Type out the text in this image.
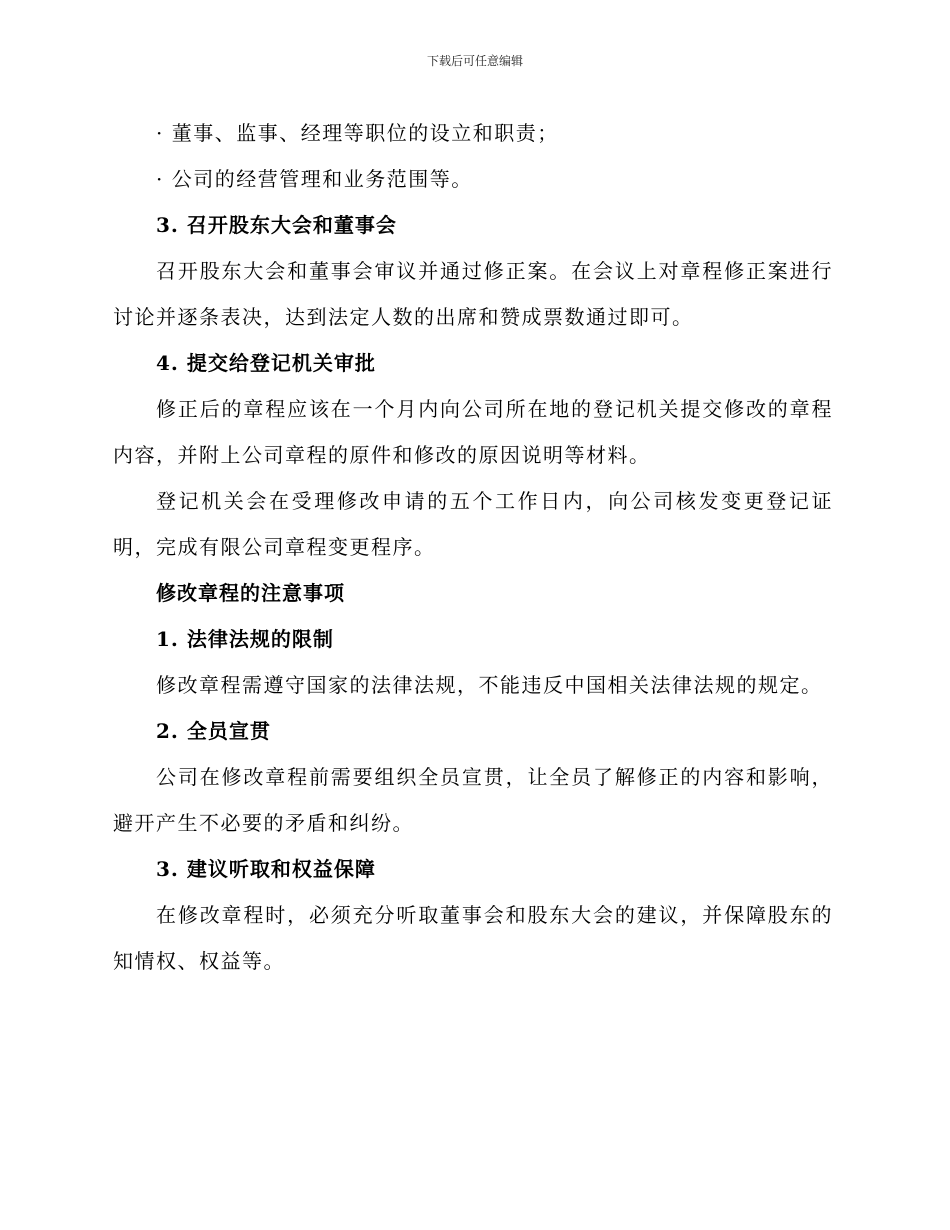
下载后可任意编辑

· 董事、监事、经理等职位的设立和职责；

· 公司的经营管理和业务范围等。

3. 召开股东大会和董事会

召开股东大会和董事会审议并通过修正案。在会议上对章程修正案进行讨论并逐条表决，达到法定人数的出席和赞成票数通过即可。

4. 提交给登记机关审批

修正后的章程应该在一个月内向公司所在地的登记机关提交修改的章程内容，并附上公司章程的原件和修改的原因说明等材料。

登记机关会在受理修改申请的五个工作日内，向公司核发变更登记证明，完成有限公司章程变更程序。

修改章程的注意事项

1. 法律法规的限制

修改章程需遵守国家的法律法规，不能违反中国相关法律法规的规定。

2. 全员宣贯

公司在修改章程前需要组织全员宣贯，让全员了解修正的内容和影响，避开产生不必要的矛盾和纠纷。

3. 建议听取和权益保障

在修改章程时，必须充分听取董事会和股东大会的建议，并保障股东的知情权、权益等。
